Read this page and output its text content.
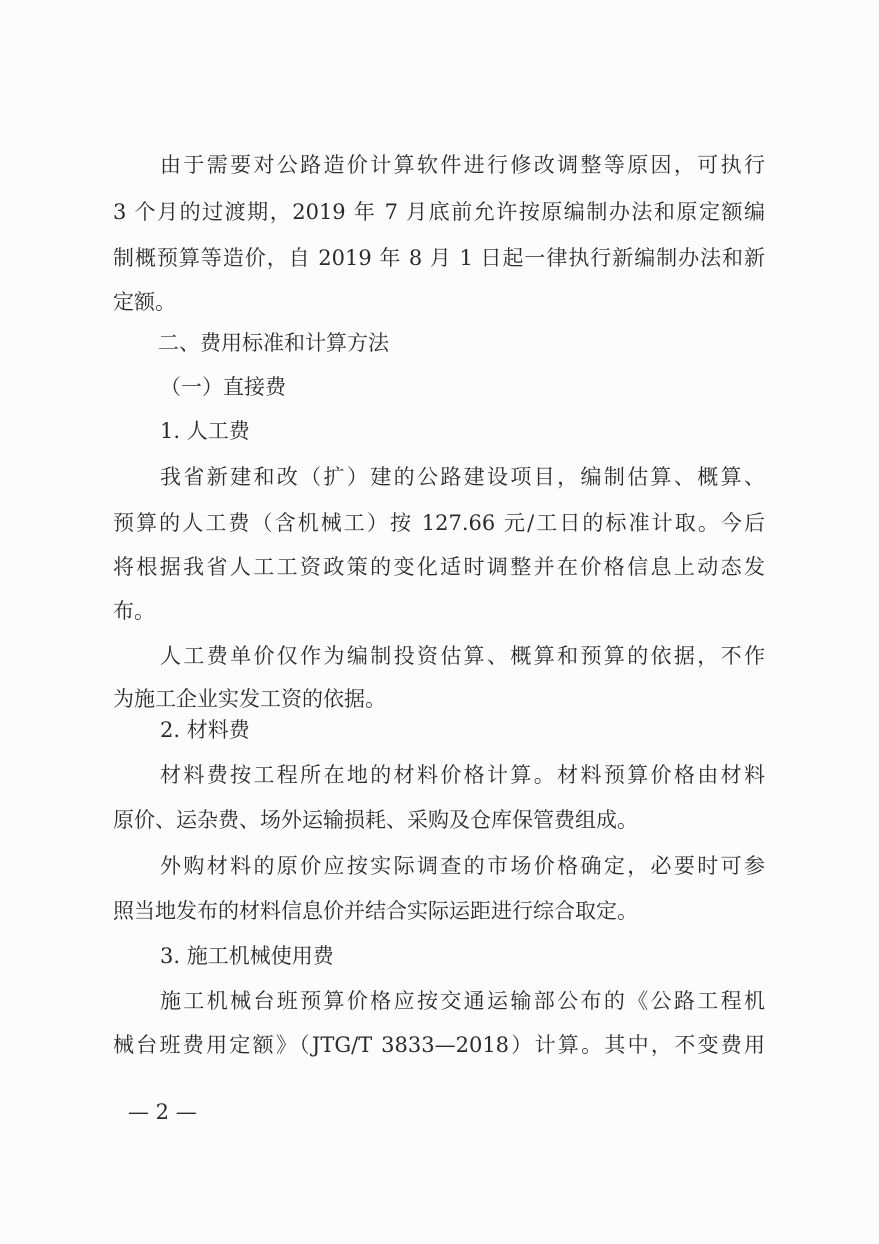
由于需要对公路造价计算软件进行修改调整等原因，可执行
3 个月的过渡期，2019 年 7 月底前允许按原编制办法和原定额编
制概预算等造价，自 2019 年 8 月 1 日起一律执行新编制办法和新
定额。
二、费用标准和计算方法
（一）直接费
1. 人工费
我省新建和改（扩）建的公路建设项目，编制估算、概算、
预算的人工费（含机械工）按 127.66 元/工日的标准计取。今后
将根据我省人工工资政策的变化适时调整并在价格信息上动态发
布。
人工费单价仅作为编制投资估算、概算和预算的依据，不作
为施工企业实发工资的依据。
2. 材料费
材料费按工程所在地的材料价格计算。材料预算价格由材料
原价、运杂费、场外运输损耗、采购及仓库保管费组成。
外购材料的原价应按实际调查的市场价格确定，必要时可参
照当地发布的材料信息价并结合实际运距进行综合取定。
3. 施工机械使用费
施工机械台班预算价格应按交通运输部公布的《公路工程机
械台班费用定额》（JTG/T 3833—2018）计算。其中，不变费用
— 2 —
